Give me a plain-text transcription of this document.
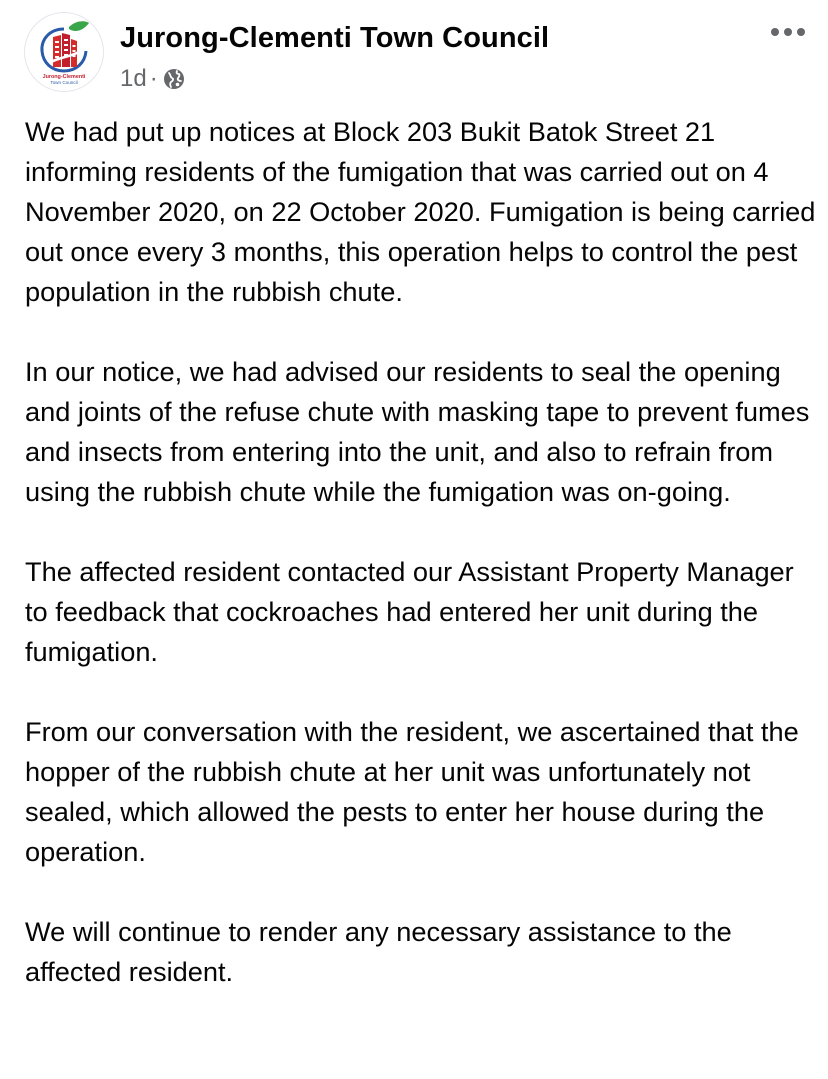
Jurong-Clementi
Town Council
Jurong-Clementi Town Council
1d ·

We had put up notices at Block 203 Bukit Batok Street 21 informing residents of the fumigation that was carried out on 4 November 2020, on 22 October 2020. Fumigation is being carried out once every 3 months, this operation helps to control the pest population in the rubbish chute.

In our notice, we had advised our residents to seal the opening and joints of the refuse chute with masking tape to prevent fumes and insects from entering into the unit, and also to refrain from using the rubbish chute while the fumigation was on-going.

The affected resident contacted our Assistant Property Manager to feedback that cockroaches had entered her unit during the fumigation.

From our conversation with the resident, we ascertained that the hopper of the rubbish chute at her unit was unfortunately not sealed, which allowed the pests to enter her house during the operation.

We will continue to render any necessary assistance to the affected resident.
